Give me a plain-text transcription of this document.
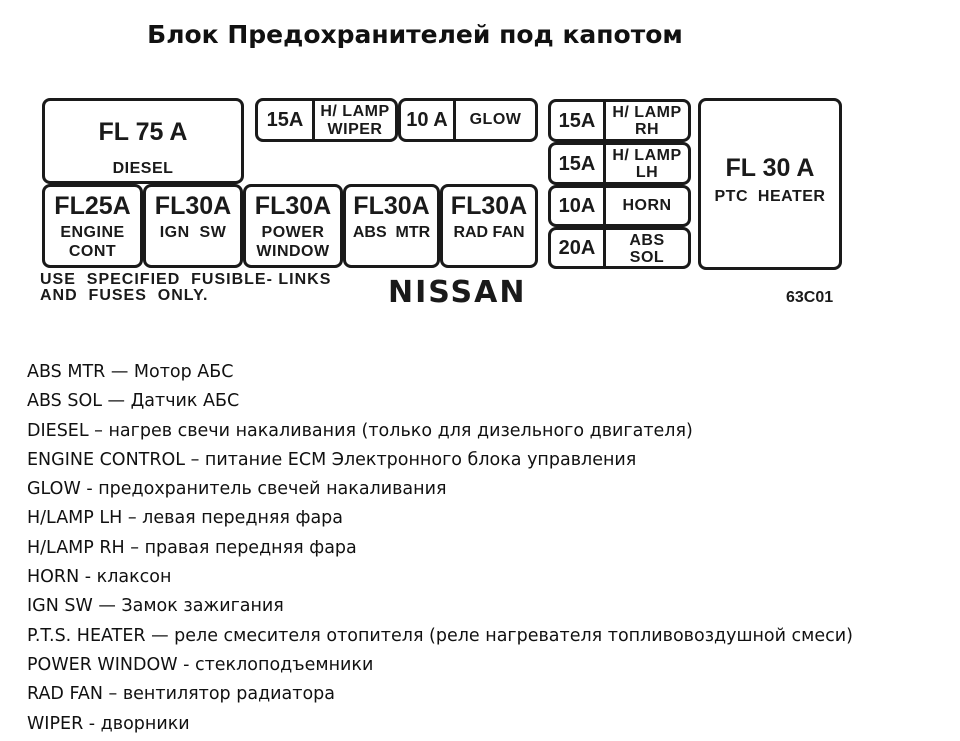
Блок Предохранителей под капотом
FL 75 A
DIESEL
15A	H/ LAMP
WIPER	10 A	GLOW
FL25A
ENGINE
CONT
FL30A
IGN  SW
FL30A
POWER
WINDOW
FL30A
ABS  MTR
FL30A
RAD FAN
15A	H/ LAMP
RH
15A	H/ LAMP
LH
10A	HORN
20A	ABS
SOL
FL 30 A
PTC  HEATER
USE  SPECIFIED  FUSIBLE- LINKS
AND  FUSES  ONLY.	NISSAN	63C01
ABS MTR — Мотор АБС
ABS SOL — Датчик АБС
DIESEL – нагрев свечи накаливания (только для дизельного двигателя)
ENGINE CONTROL – питание ECM Электронного блока управления
GLOW - предохранитель свечей накаливания
H/LAMP LH – левая передняя фара
H/LAMP RH – правая передняя фара
HORN - клаксон
IGN SW — Замок зажигания
P.T.S. HEATER — реле смесителя отопителя (реле нагревателя топливовоздушной смеси)
POWER WINDOW - стеклоподъемники
RAD FAN – вентилятор радиатора
WIPER - дворники
